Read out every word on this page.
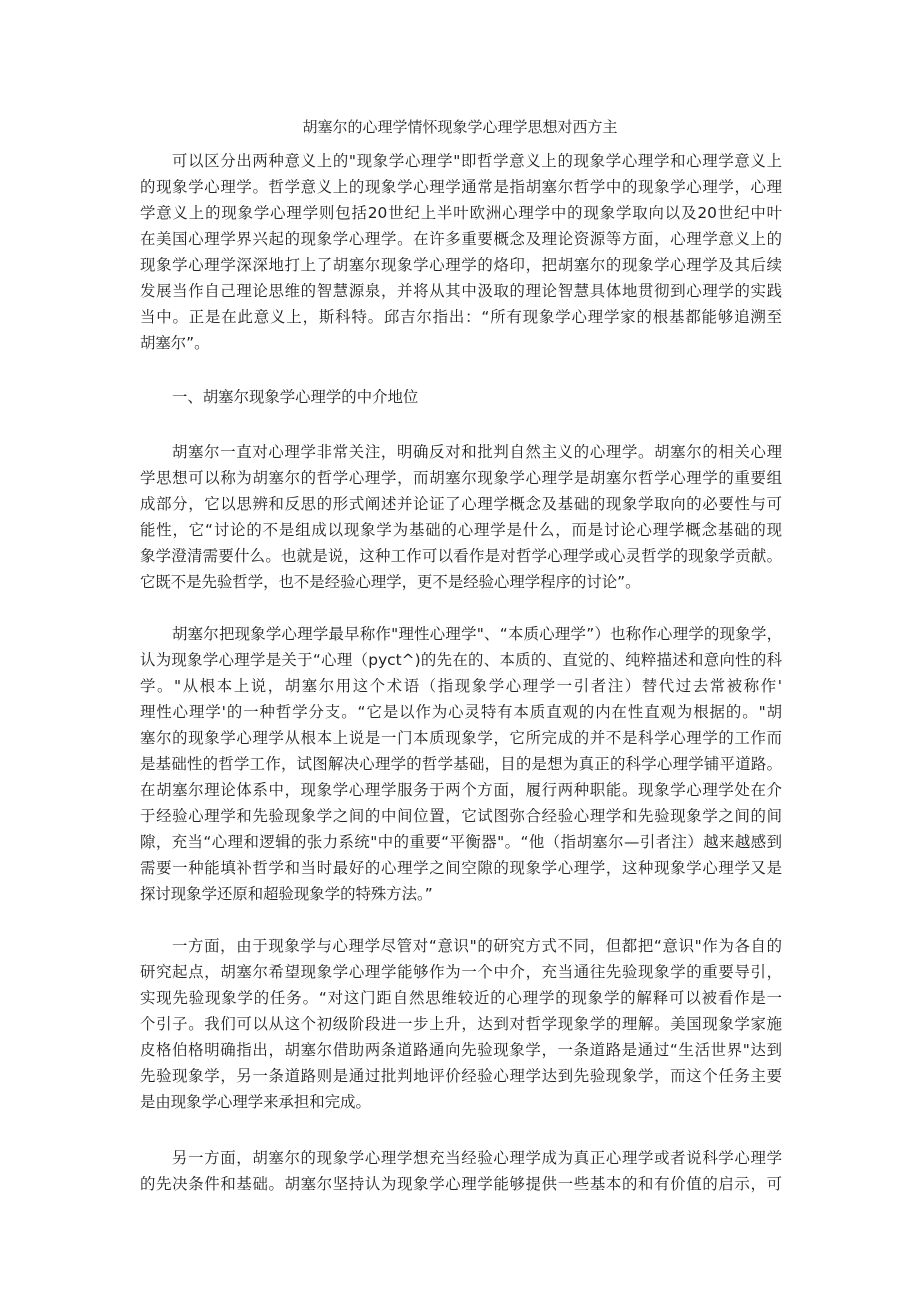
胡塞尔的心理学情怀现象学心理学思想对西方主
一、胡塞尔现象学心理学的中介地位
可以区分出两种意义上的"现象学心理学"即哲学意义上的现象学心理学和心理学意义上
的现象学心理学。哲学意义上的现象学心理学通常是指胡塞尔哲学中的现象学心理学，心理
学意义上的现象学心理学则包括20世纪上半叶欧洲心理学中的现象学取向以及20世纪中叶
在美国心理学界兴起的现象学心理学。在许多重要概念及理论资源等方面，心理学意义上的
现象学心理学深深地打上了胡塞尔现象学心理学的烙印，把胡塞尔的现象学心理学及其后续
发展当作自己理论思维的智慧源泉，并将从其中汲取的理论智慧具体地贯彻到心理学的实践
当中。正是在此意义上，斯科特。邱吉尔指出：“所有现象学心理学家的根基都能够追溯至
胡塞尔”。
胡塞尔一直对心理学非常关注，明确反对和批判自然主义的心理学。胡塞尔的相关心理
学思想可以称为胡塞尔的哲学心理学，而胡塞尔现象学心理学是胡塞尔哲学心理学的重要组
成部分，它以思辨和反思的形式阐述并论证了心理学概念及基础的现象学取向的必要性与可
能性，它“讨论的不是组成以现象学为基础的心理学是什么，而是讨论心理学概念基础的现
象学澄清需要什么。也就是说，这种工作可以看作是对哲学心理学或心灵哲学的现象学贡献。
它既不是先验哲学，也不是经验心理学，更不是经验心理学程序的讨论”。
胡塞尔把现象学心理学最早称作"理性心理学"、“本质心理学”）也称作心理学的现象学，
认为现象学心理学是关于“心理（pyct^)的先在的、本质的、直觉的、纯粹描述和意向性的科
学。"从根本上说，胡塞尔用这个术语（指现象学心理学一引者注）替代过去常被称作'
理性心理学'的一种哲学分支。“它是以作为心灵特有本质直观的内在性直观为根据的。"胡
塞尔的现象学心理学从根本上说是一门本质现象学，它所完成的并不是科学心理学的工作而
是基础性的哲学工作，试图解决心理学的哲学基础，目的是想为真正的科学心理学铺平道路。
在胡塞尔理论体系中，现象学心理学服务于两个方面，履行两种职能。现象学心理学处在介
于经验心理学和先验现象学之间的中间位置，它试图弥合经验心理学和先验现象学之间的间
隙，充当“心理和逻辑的张力系统"中的重要“平衡器"。“他（指胡塞尔—引者注）越来越感到
需要一种能填补哲学和当时最好的心理学之间空隙的现象学心理学，这种现象学心理学又是
探讨现象学还原和超验现象学的特殊方法。”
一方面，由于现象学与心理学尽管对“意识"的研究方式不同，但都把“意识"作为各自的
研究起点，胡塞尔希望现象学心理学能够作为一个中介，充当通往先验现象学的重要导引，
实现先验现象学的任务。“对这门距自然思维较近的心理学的现象学的解释可以被看作是一
个引子。我们可以从这个初级阶段进一步上升，达到对哲学现象学的理解。美国现象学家施
皮格伯格明确指出，胡塞尔借助两条道路通向先验现象学，一条道路是通过“生活世界"达到
先验现象学，另一条道路则是通过批判地评价经验心理学达到先验现象学，而这个任务主要
是由现象学心理学来承担和完成。
另一方面，胡塞尔的现象学心理学想充当经验心理学成为真正心理学或者说科学心理学
的先决条件和基础。胡塞尔坚持认为现象学心理学能够提供一些基本的和有价值的启示，可
